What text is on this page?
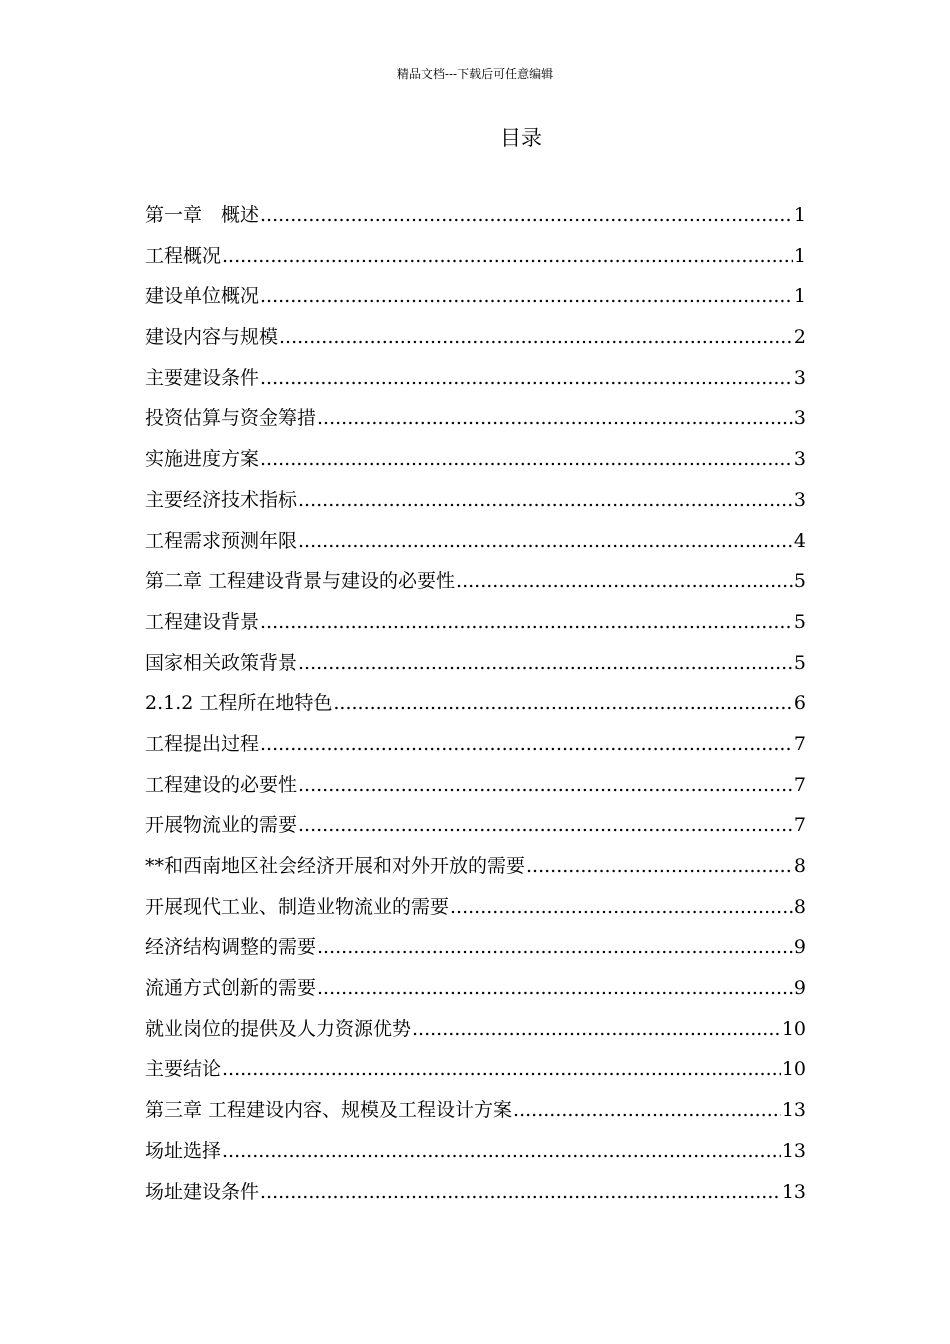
精品文档---下载后可任意编辑
目录
第一章　概述 .....	1
工程概况 .....	1
建设单位概况 .....	1
建设内容与规模 .....	2
主要建设条件 .....	3
投资估算与资金筹措 .....	3
实施进度方案 .....	3
主要经济技术指标 .....	3
工程需求预测年限 .....	4
第二章 工程建设背景与建设的必要性 .....	5
工程建设背景 .....	5
国家相关政策背景 .....	5
2.1.2 工程所在地特色 .....	6
工程提出过程 .....	7
工程建设的必要性 .....	7
开展物流业的需要 .....	7
**和西南地区社会经济开展和对外开放的需要 .....	8
开展现代工业、制造业物流业的需要 .....	8
经济结构调整的需要 .....	9
流通方式创新的需要 .....	9
就业岗位的提供及人力资源优势 .....	10
主要结论 .....	10
第三章 工程建设内容、规模及工程设计方案 .....	13
场址选择 .....	13
场址建设条件 .....	13
